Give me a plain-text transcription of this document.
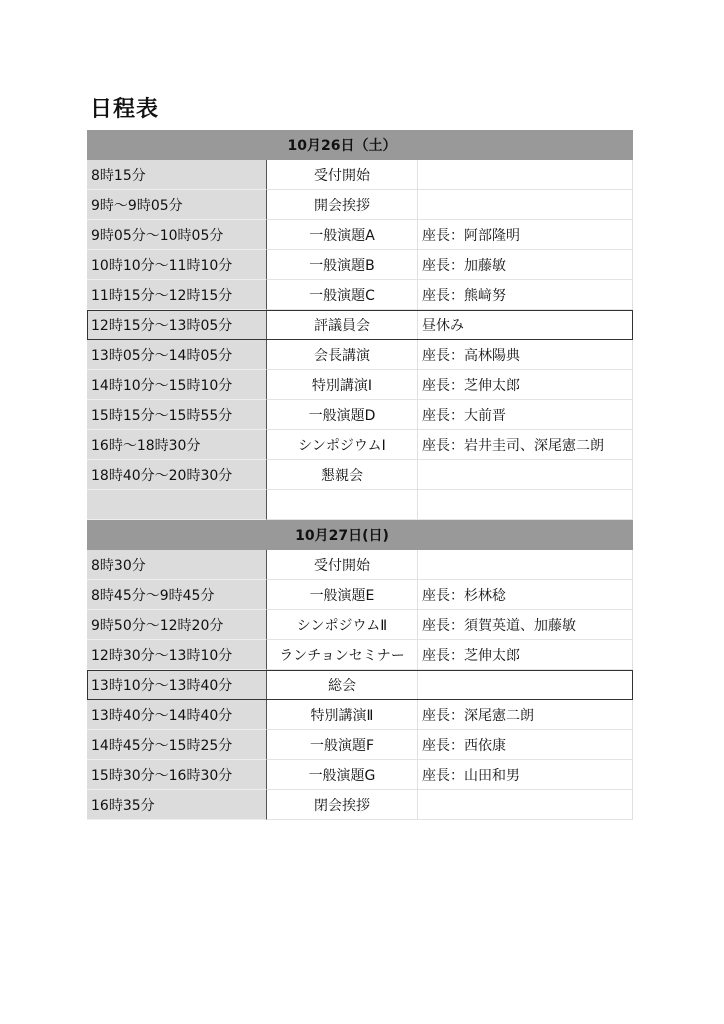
日程表
10月26日（土）
8時15分	受付開始
9時〜9時05分	開会挨拶
9時05分〜10時05分	一般演題A	座長：阿部隆明
10時10分〜11時10分	一般演題B	座長：加藤敏
11時15分〜12時15分	一般演題C	座長：熊﨑努
12時15分〜13時05分	評議員会	昼休み
13時05分〜14時05分	会長講演	座長：高林陽典
14時10分〜15時10分	特別講演Ⅰ	座長：芝伸太郎
15時15分〜15時55分	一般演題D	座長：大前晋
16時〜18時30分	シンポジウムⅠ	座長：岩井圭司、深尾憲二朗
18時40分〜20時30分	懇親会
10月27日(日)
8時30分	受付開始
8時45分〜9時45分	一般演題E	座長：杉林稔
9時50分〜12時20分	シンポジウムⅡ	座長：須賀英道、加藤敏
12時30分〜13時10分	ランチョンセミナー	座長：芝伸太郎
13時10分〜13時40分	総会
13時40分〜14時40分	特別講演Ⅱ	座長：深尾憲二朗
14時45分〜15時25分	一般演題F	座長：西依康
15時30分〜16時30分	一般演題G	座長：山田和男
16時35分	閉会挨拶
